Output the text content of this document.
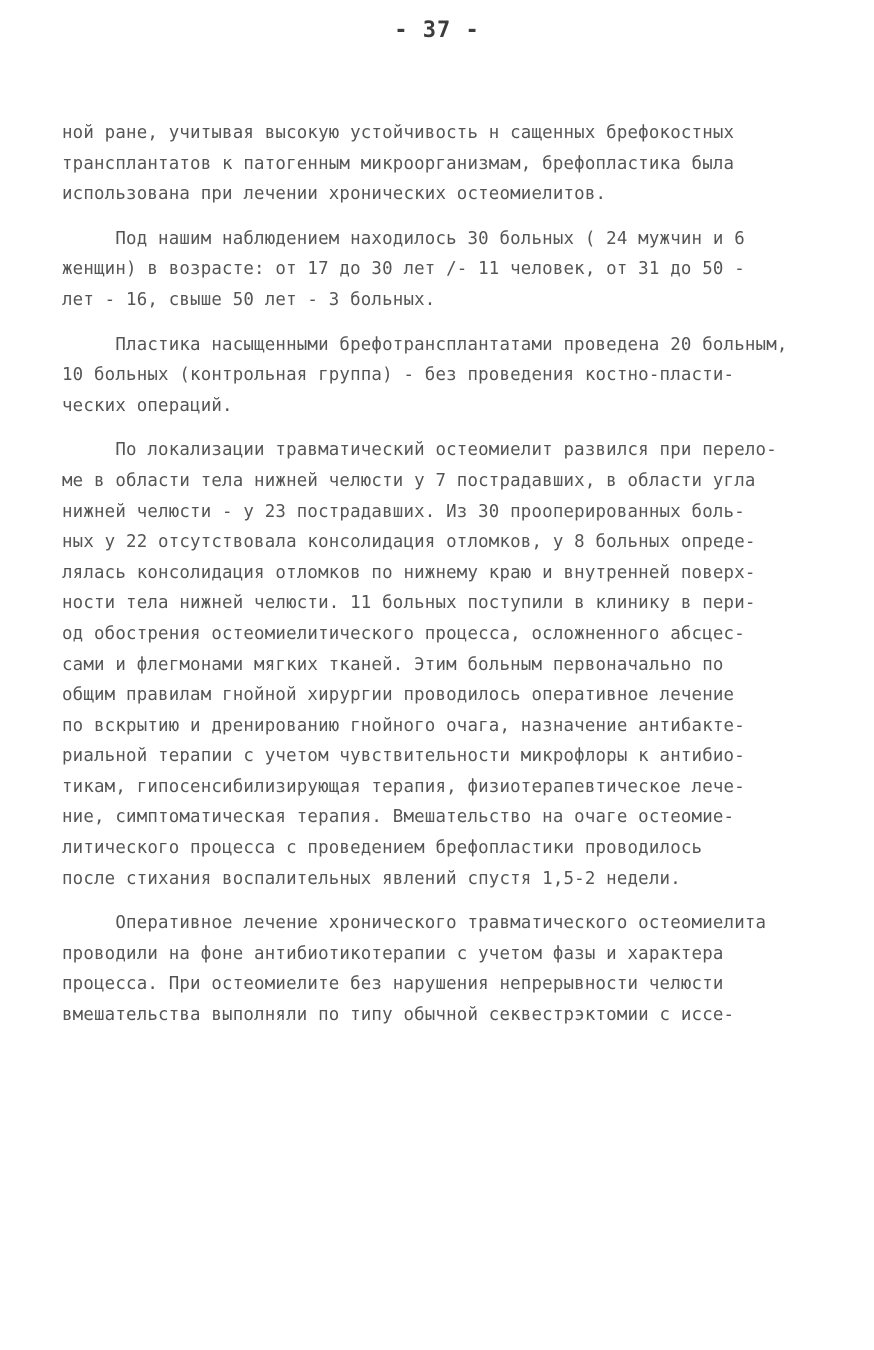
- 37 -
ной ране, учитывая высокую устойчивость н сащенных брефокостных
трансплантатов к патогенным микроорганизмам, брефопластика была
использована при лечении хронических остеомиелитов.
Под нашим наблюдением находилось 30 больных ( 24 мужчин и 6
женщин) в возрасте: от 17 до 30 лет /- 11 человек, от 31 до 50 -
лет - 16, свыше 50 лет - 3 больных.
Пластика насыщенными брефотрансплантатами проведена 20 больным,
10 больных (контрольная группа) - без проведения костно-пласти-
ческих операций.
По локализации травматический остеомиелит развился при перело-
ме в области тела нижней челюсти у 7 пострадавших, в области угла
нижней челюсти - у 23 пострадавших. Из 30 прооперированных боль-
ных у 22 отсутствовала консолидация отломков, у 8 больных опреде-
лялась консолидация отломков по нижнему краю и внутренней поверх-
ности тела нижней челюсти. 11 больных поступили в клинику в пери-
од обострения остеомиелитического процесса, осложненного абсцес-
сами и флегмонами мягких тканей. Этим больным первоначально по
общим правилам гнойной хирургии проводилось оперативное лечение
по вскрытию и дренированию гнойного очага, назначение антибакте-
риальной терапии с учетом чувствительности микрофлоры к антибио-
тикам, гипосенсибилизирующая терапия, физиотерапевтическое лече-
ние, симптоматическая терапия. Вмешательство на очаге остеомие-
литического процесса с проведением брефопластики проводилось
после стихания воспалительных явлений спустя 1,5-2 недели.
Оперативное лечение хронического травматического остеомиелита
проводили на фоне антибиотикотерапии с учетом фазы и характера
процесса. При остеомиелите без нарушения непрерывности челюсти
вмешательства выполняли по типу обычной секвестрэктомии с иссе-
